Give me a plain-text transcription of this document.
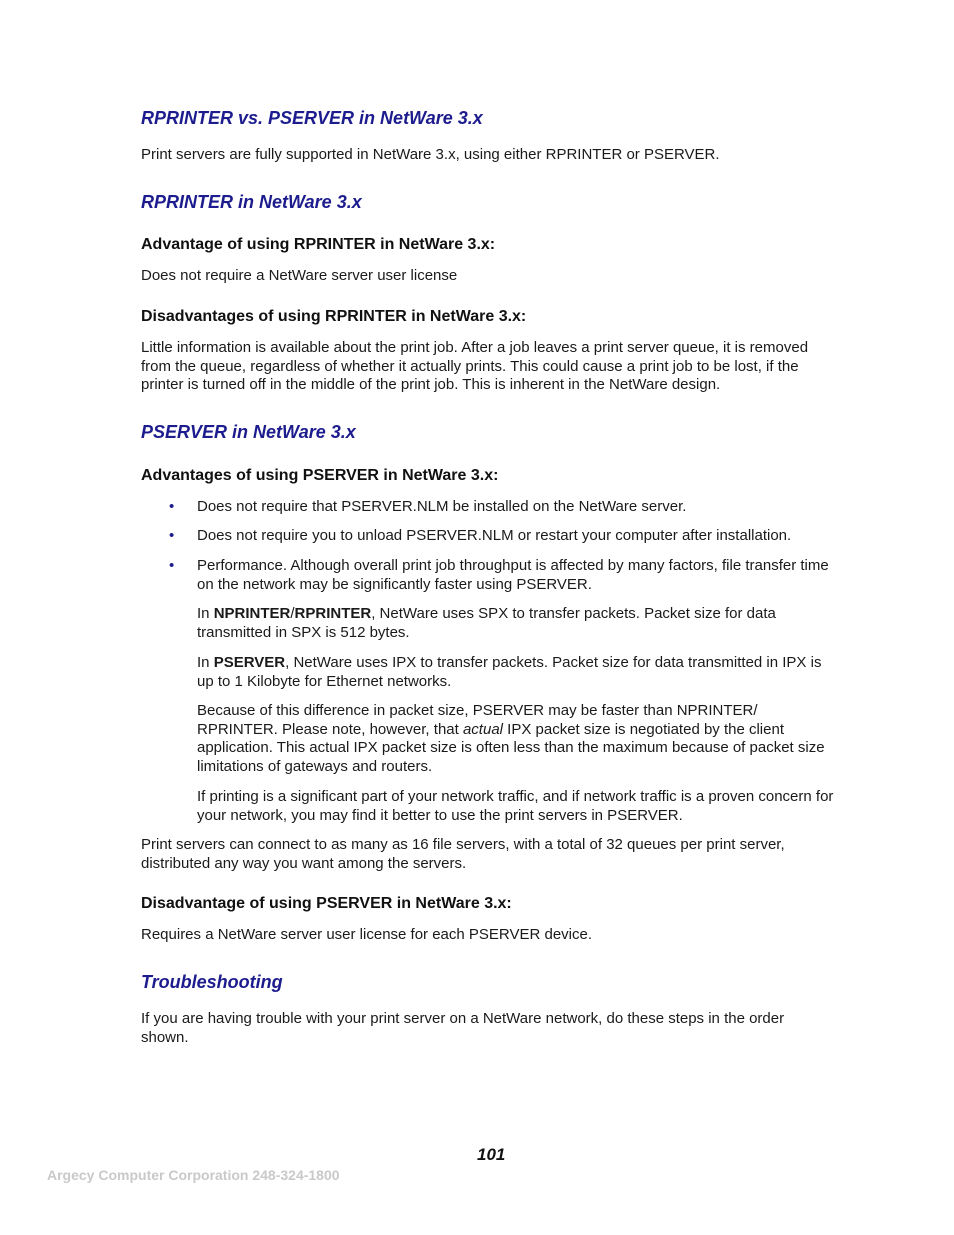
RPRINTER vs. PSERVER in NetWare 3.x

Print servers are fully supported in NetWare 3.x, using either RPRINTER or PSERVER.

RPRINTER in NetWare 3.x
Advantage of using RPRINTER in NetWare 3.x:

Does not require a NetWare server user license

Disadvantages of using RPRINTER in NetWare 3.x:

Little information is available about the print job. After a job leaves a print server queue, it is removed from the queue, regardless of whether it actually prints. This could cause a print job to be lost, if the printer is turned off in the middle of the print job. This is inherent in the NetWare design.

PSERVER in NetWare 3.x
Advantages of using PSERVER in NetWare 3.x:
• Does not require that PSERVER.NLM be installed on the NetWare server.

• Does not require you to unload PSERVER.NLM or restart your computer after installation.

• Performance. Although overall print job throughput is affected by many factors, file transfer time on the network may be significantly faster using PSERVER.

In NPRINTER/RPRINTER, NetWare uses SPX to transfer packets. Packet size for data transmitted in SPX is 512 bytes.

In PSERVER, NetWare uses IPX to transfer packets. Packet size for data transmitted in IPX is up to 1 Kilobyte for Ethernet networks.

Because of this difference in packet size, PSERVER may be faster than NPRINTER/ RPRINTER. Please note, however, that actual IPX packet size is negotiated by the client application. This actual IPX packet size is often less than the maximum because of packet size limitations of gateways and routers.

If printing is a significant part of your network traffic, and if network traffic is a proven concern for your network, you may find it better to use the print servers in PSERVER.

Print servers can connect to as many as 16 file servers, with a total of 32 queues per print server, distributed any way you want among the servers.

Disadvantage of using PSERVER in NetWare 3.x:

Requires a NetWare server user license for each PSERVER device.

Troubleshooting

If you are having trouble with your print server on a NetWare network, do these steps in the order shown.

101

Argecy Computer Corporation 248-324-1800
